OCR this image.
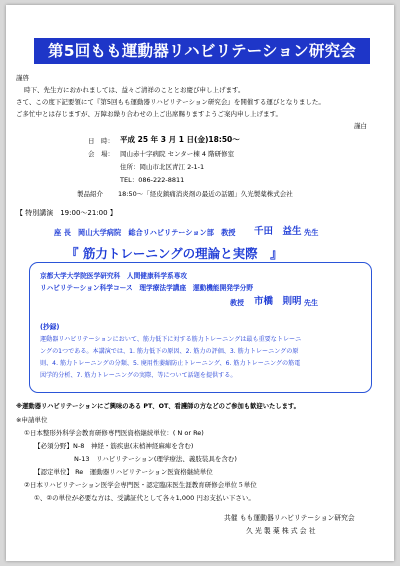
第5回もも運動器リハビリテーション研究会
謹啓
時下、先生方におかれましては、益々ご清祥のこととお慶び申し上げます。
さて、この度下記要領にて『第5回もも運動器リハビリテーション研究会』を開催する運びとなりました。
ご多忙中とは存じますが、万障お繰り合わせの上ご出席賜りますようご案内申し上げます。
謹白
日　時： 平成 25 年 3 月 1 日(金)18:50～
会　場： 岡山赤十字病院 センター棟 4 階研修室
住所：岡山市北区青江 2-1-1
TEL：086-222-8811
製品紹介 18:50～「経皮鎮痛消炎剤の最近の話題」久光製薬株式会社
【 特別講演　19:00～21:00 】
座 長 岡山大学病院　総合リハビリテーション部　教授 千田　益生 先生
『 筋力トレーニングの理論と実際　』
京都大学大学院医学研究科　人間健康科学系専攻
リハビリテーション科学コース　理学療法学講座　運動機能開発学分野
教授 市橋　則明 先生
(抄録)
運動器リハビリテーションにおいて、筋力低下に対する筋力トレーニングは最も重要なトレーニ
ングの1つである。本講演では、1. 筋力低下の原因、2. 筋力の評価、3. 筋力トレーニングの原
則、4. 筋力トレーニングの分類、5. 廃用性萎縮防止トレーニング、6. 筋力トレーニングの筋電
図学的分析、7. 筋力トレーニングの実際、等について話題を提供する。
※運動器リハビリテーションにご興味のある PT、OT、看護師の方などのご参加も歓迎いたします。
※申請単位
①日本整形外科学会教育研修専門医資格継続単位：( N or Re)
【必須分野】N-8　神経・筋疾患(末梢神経麻痺を含む)
N-13　リハビリテーション(理学療法、義肢装具を含む)
【認定単位】 Re　運動器リハビリテーション医資格継続単位
②日本リハビリテーション医学会専門医・認定臨床医生涯教育研修会単位５単位
①、②の単位が必要な方は、受講証代として各々1,000 円お支払い下さい。
共催 もも運動器リハビリテーション研究会
久 光 製 薬 株 式 会 社
